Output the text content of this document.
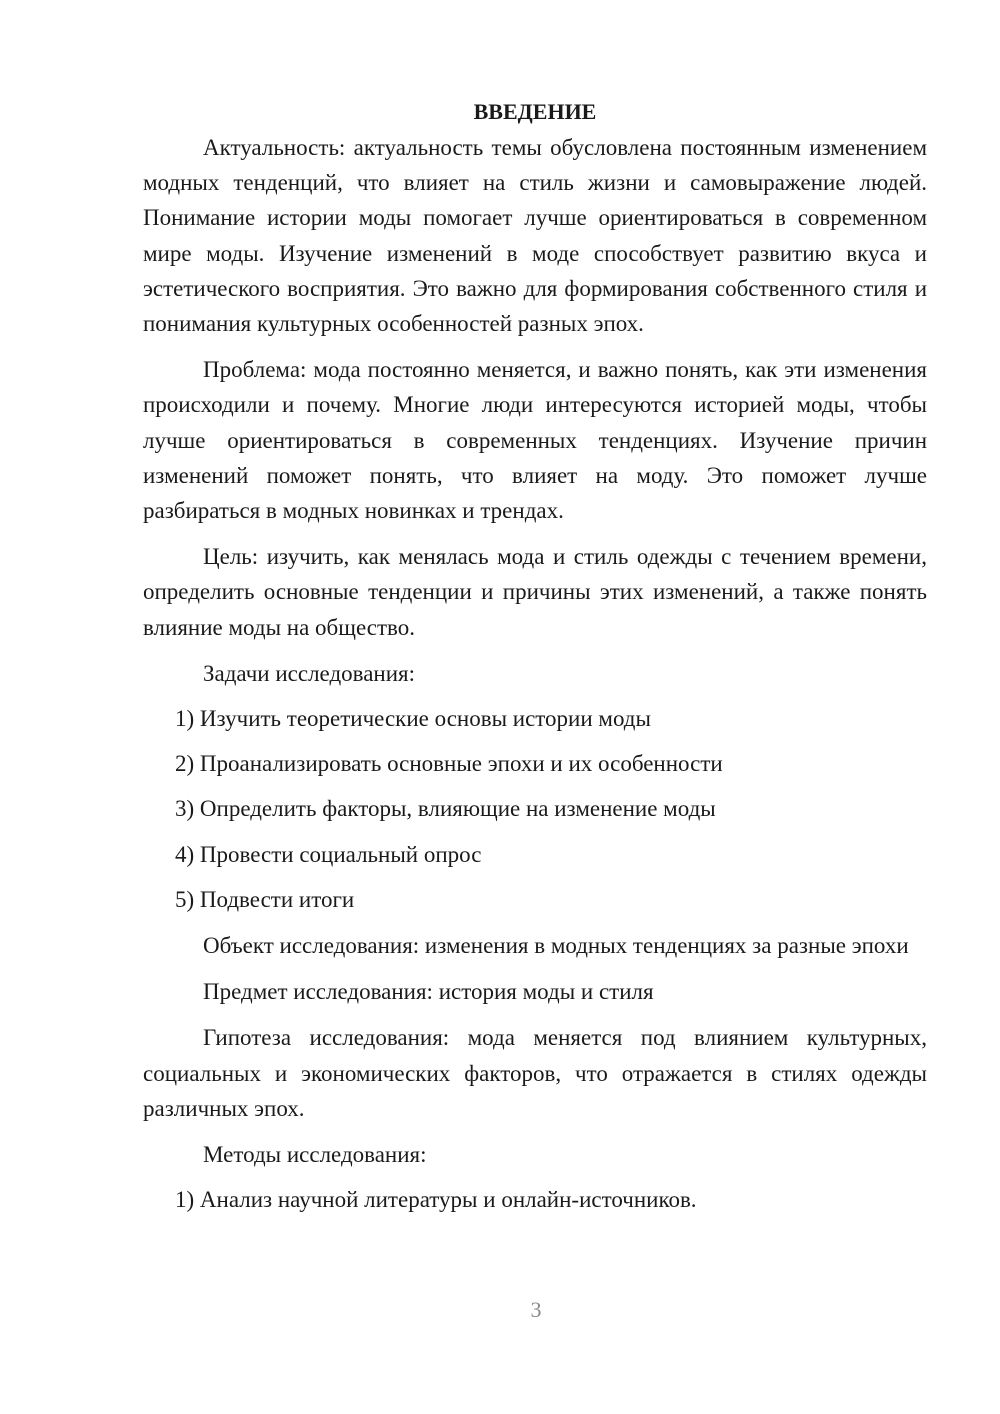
ВВЕДЕНИЕ

Актуальность: актуальность темы обусловлена постоянным изменением модных тенденций, что влияет на стиль жизни и самовыражение людей. Понимание истории моды помогает лучше ориентироваться в современном мире моды. Изучение изменений в моде способствует развитию вкуса и эстетического восприятия. Это важно для формирования собственного стиля и понимания культурных особенностей разных эпох.

Проблема: мода постоянно меняется, и важно понять, как эти изменения происходили и почему. Многие люди интересуются историей моды, чтобы лучше ориентироваться в современных тенденциях. Изучение причин изменений поможет понять, что влияет на моду. Это поможет лучше разбираться в модных новинках и трендах.

Цель: изучить, как менялась мода и стиль одежды с течением времени, определить основные тенденции и причины этих изменений, а также понять влияние моды на общество.

Задачи исследования:

1) Изучить теоретические основы истории моды

2) Проанализировать основные эпохи и их особенности

3) Определить факторы, влияющие на изменение моды

4) Провести социальный опрос

5) Подвести итоги

Объект исследования: изменения в модных тенденциях за разные эпохи

Предмет исследования: история моды и стиля

Гипотеза исследования: мода меняется под влиянием культурных, социальных и экономических факторов, что отражается в стилях одежды различных эпох.

Методы исследования:

1) Анализ научной литературы и онлайн-источников.

3
